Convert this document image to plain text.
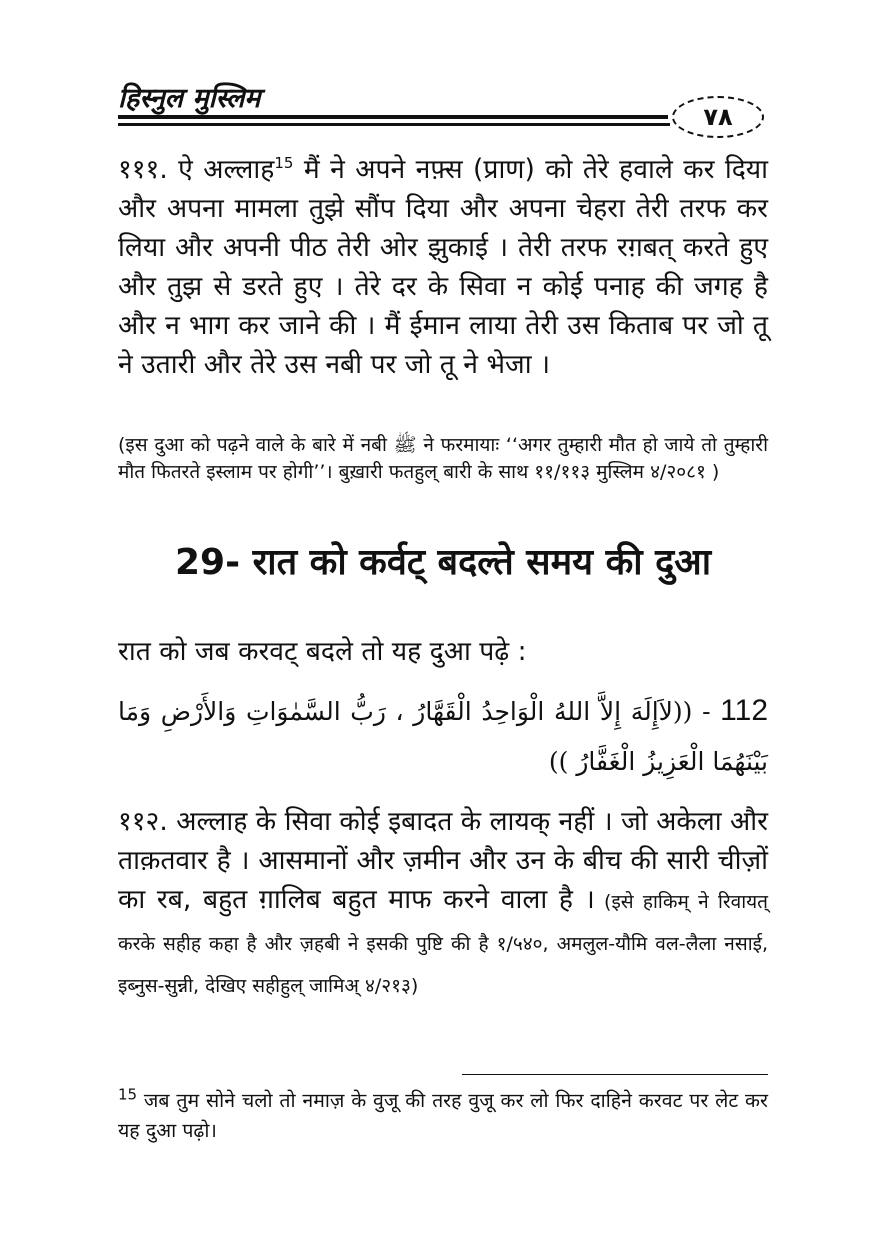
हिस्नुल मुस्लिम
٧٨
१११. ऐ अल्लाह$^{15}$ मैं ने अपने नफ़्स (प्राण) को तेरे हवाले कर दिया और अपना मामला तुझे सौंप दिया और अपना चेहरा तेरी तरफ कर लिया और अपनी पीठ तेरी ओर झुकाई । तेरी तरफ रग़बत् करते हुए और तुझ से डरते हुए । तेरे दर के सिवा न कोई पनाह की जगह है और न भाग कर जाने की । मैं ईमान लाया तेरी उस किताब पर जो तू ने उतारी और तेरे उस नबी पर जो तू ने भेजा ।
(इस दुआ को पढ़ने वाले के बारे में नबी ﷺ ने फरमायाः ‘‘अगर तुम्हारी मौत हो जाये तो तुम्हारी मौत फितरते इस्लाम पर होगी’’। बुख़ारी फतहुल् बारी के साथ ११/११३ मुस्लिम ४/२०८१ )
29- रात को कर्वट् बदल्ते समय की दुआ
रात को जब करवट् बदले तो यह दुआ पढ़े :
112 - ((لاَإِلَهَ إِلاَّ اللهُ الْوَاحِدُ الْقَهَّارُ ، رَبُّ السَّمٰوَاتِ وَالأَرْضِ وَمَا بَيْنَهُمَا الْعَزِيزُ الْغَفَّارُ ))
११२. अल्लाह के सिवा कोई इबादत के लायक् नहीं । जो अकेला और ताक़तवार है । आसमानों और ज़मीन और उन के बीच की सारी चीज़ों का रब, बहुत ग़ालिब बहुत माफ करने वाला है । (इसे हाकिम् ने रिवायत् करके सहीह कहा है और ज़हबी ने इसकी पुष्टि की है १/५४०, अमलुल-यौमि वल-लैला नसाई, इब्नुस-सुन्नी, देखिए सहीहुल् जामिअ् ४/२१३)
$^{15}$ जब तुम सोने चलो तो नमाज़ के वुजू की तरह वुजू कर लो फिर दाहिने करवट पर लेट कर यह दुआ पढ़ो।
